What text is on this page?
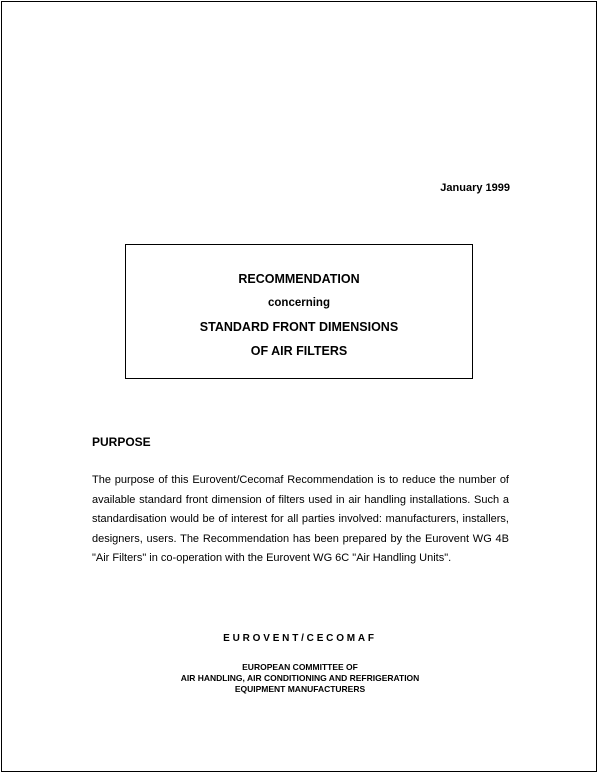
January 1999
RECOMMENDATION
concerning
STANDARD FRONT DIMENSIONS
OF AIR FILTERS
PURPOSE

The purpose of this Eurovent/Cecomaf Recommendation is to reduce the number of available standard front dimension of filters used in air handling installations. Such a standardisation would be of interest for all parties involved: manufacturers, installers, designers, users. The Recommendation has been prepared by the Eurovent WG 4B "Air Filters" in co-operation with the Eurovent WG 6C "Air Handling Units".

EUROVENT/CECOMAF
EUROPEAN COMMITTEE OF
AIR HANDLING, AIR CONDITIONING AND REFRIGERATION
EQUIPMENT MANUFACTURERS
